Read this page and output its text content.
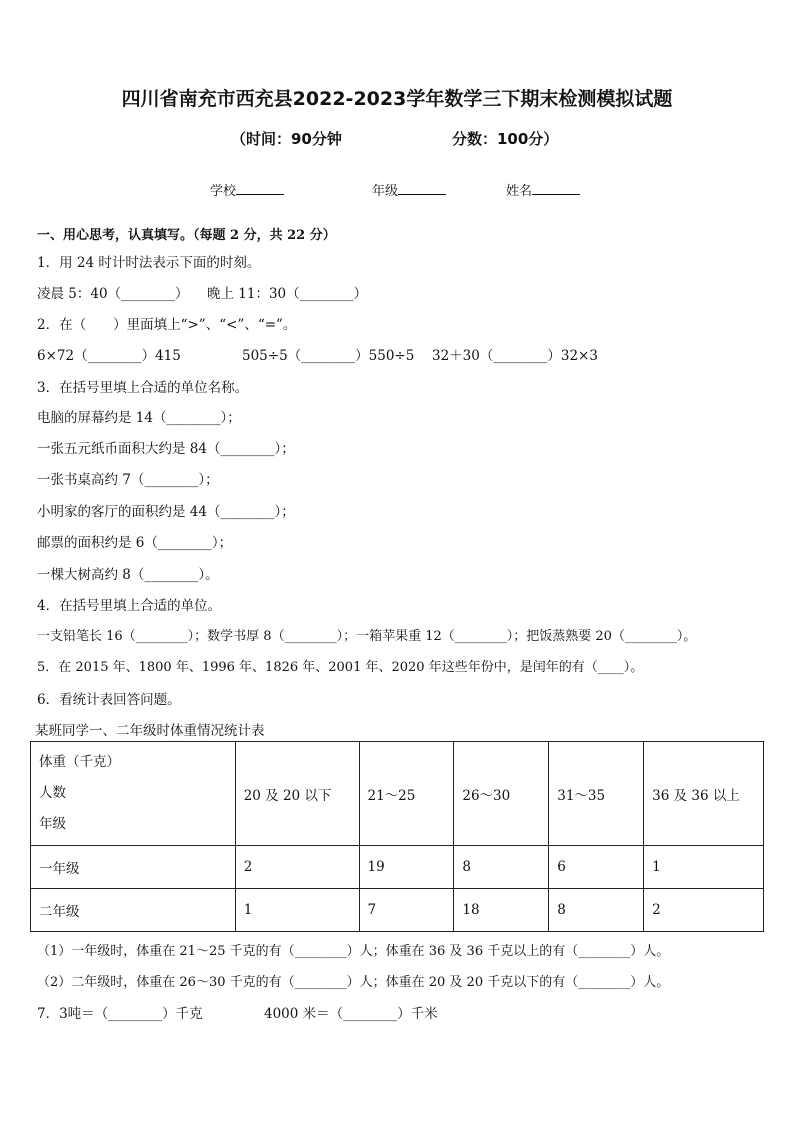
四川省南充市西充县2022-2023学年数学三下期末检测模拟试题
（时间：90分钟	分数：100分）
学校	年级	姓名
一、用心思考，认真填写。（每题 2 分，共 22 分）
1．用 24 时计时法表示下面的时刻。
凌晨 5：40（________） 晚上 11：30（________）
2．在（　　）里面填上“>”、“<”、“=”。
6×72（________）415	505÷5（________）550÷5 32＋30（________）32×3
3．在括号里填上合适的单位名称。
电脑的屏幕约是 14（________）；
一张五元纸币面积大约是 84（________）；
一张书桌高约 7（________）；
小明家的客厅的面积约是 44（________）；
邮票的面积约是 6（________）；
一棵大树高约 8（________）。
4．在括号里填上合适的单位。
一支铅笔长 16（________）；数学书厚 8（________）；一箱苹果重 12（________）；把饭蒸熟要 20（________）。
5．在 2015 年、1800 年、1996 年、1826 年、2001 年、2020 年这些年份中，是闰年的有（____）。
6．看统计表回答问题。
某班同学一、二年级时体重情况统计表
体重（千克）
人数
年级	20 及 20 以下	21～25	26～30	31～35	36 及 36 以上
一年级	2	19	8	6	1
二年级	1	7	18	8	2
（1）一年级时，体重在 21～25 千克的有（________）人；体重在 36 及 36 千克以上的有（________）人。
（2）二年级时，体重在 26～30 千克的有（________）人；体重在 20 及 20 千克以下的有（________）人。
7．3吨＝（________）千克	4000 米＝（________）千米
